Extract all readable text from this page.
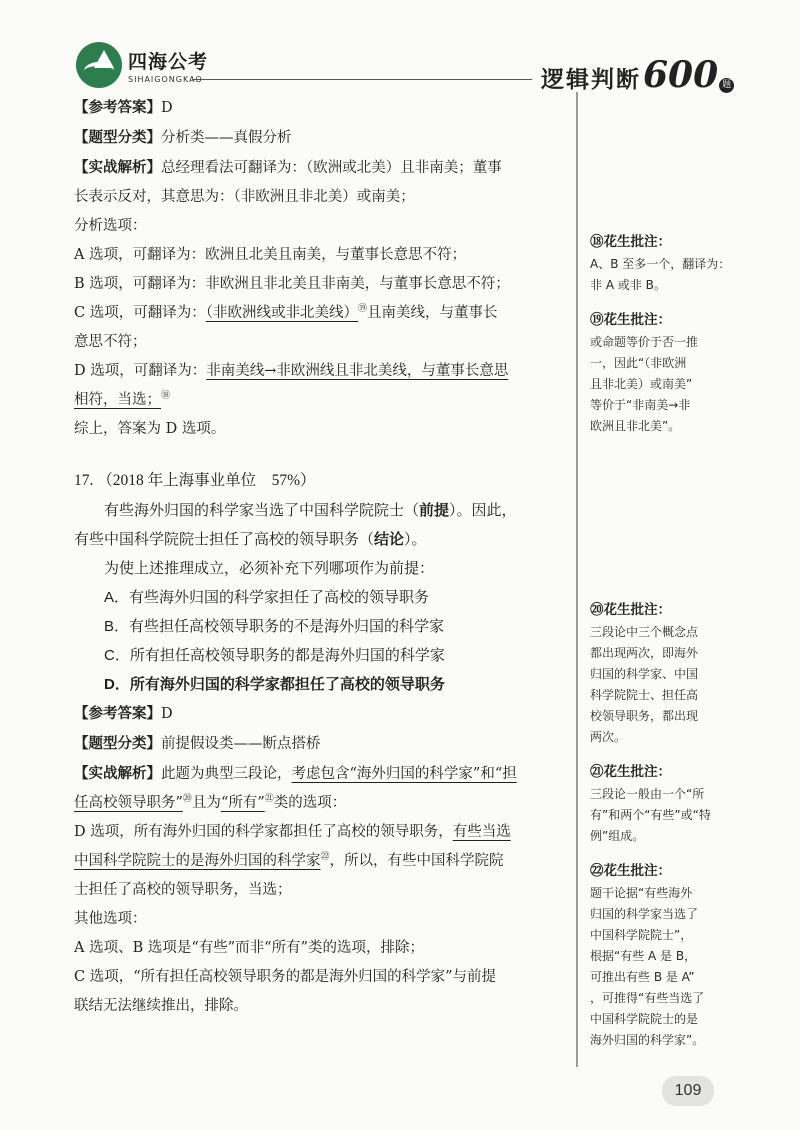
四海公考
SIHAIGONGKAO	逻辑判断 600 题

【参考答案】D

【题型分类】分析类——真假分析

【实战解析】总经理看法可翻译为：（欧洲或北美）且非南美；董事

长表示反对，其意思为：（非欧洲且非北美）或南美；

分析选项：

A 选项，可翻译为：欧洲且北美且南美，与董事长意思不符；

B 选项，可翻译为：非欧洲且非北美且非南美，与董事长意思不符；

C 选项，可翻译为：（非欧洲线或非北美线）⑲且南美线，与董事长

意思不符；

D 选项，可翻译为：非南美线→非欧洲线且非北美线，与董事长意思

相符，当选；⑱

综上，答案为 D 选项。

17. （2018 年上海事业单位　57%）

有些海外归国的科学家当选了中国科学院院士（前提）。因此，

有些中国科学院院士担任了高校的领导职务（结论）。

为使上述推理成立，必须补充下列哪项作为前提：

A．有些海外归国的科学家担任了高校的领导职务

B．有些担任高校领导职务的不是海外归国的科学家

C．所有担任高校领导职务的都是海外归国的科学家

D．所有海外归国的科学家都担任了高校的领导职务

【参考答案】D

【题型分类】前提假设类——断点搭桥

【实战解析】此题为典型三段论，考虑包含“海外归国的科学家”和“担

任高校领导职务”⑳且为“所有”$^㉑$类的选项：

D 选项，所有海外归国的科学家都担任了高校的领导职务，有些当选

中国科学院院士的是海外归国的科学家$^㉒$，所以，有些中国科学院院

士担任了高校的领导职务，当选；

其他选项：

A 选项、B 选项是“有些”而非“所有”类的选项，排除；

C 选项，“所有担任高校领导职务的都是海外归国的科学家”与前提

联结无法继续推出，排除。

⑱花生批注：
A、B 至多一个，翻译为：
非 A 或非 B。
⑲花生批注：
或命题等价于否一推
一，因此“（非欧洲
且非北美）或南美”
等价于“非南美→非
欧洲且非北美”。
⑳花生批注：
三段论中三个概念点
都出现两次，即海外
归国的科学家、中国
科学院院士、担任高
校领导职务，都出现
两次。
㉑花生批注：
三段论一般由一个“所
有”和两个“有些”或“特
例”组成。
㉒花生批注：
题干论据“有些海外
归国的科学家当选了
中国科学院院士”，
根据“有些 A 是 B，
可推出有些 B 是 A”
，可推得“有些当选了
中国科学院院士的是
海外归国的科学家”。
109
